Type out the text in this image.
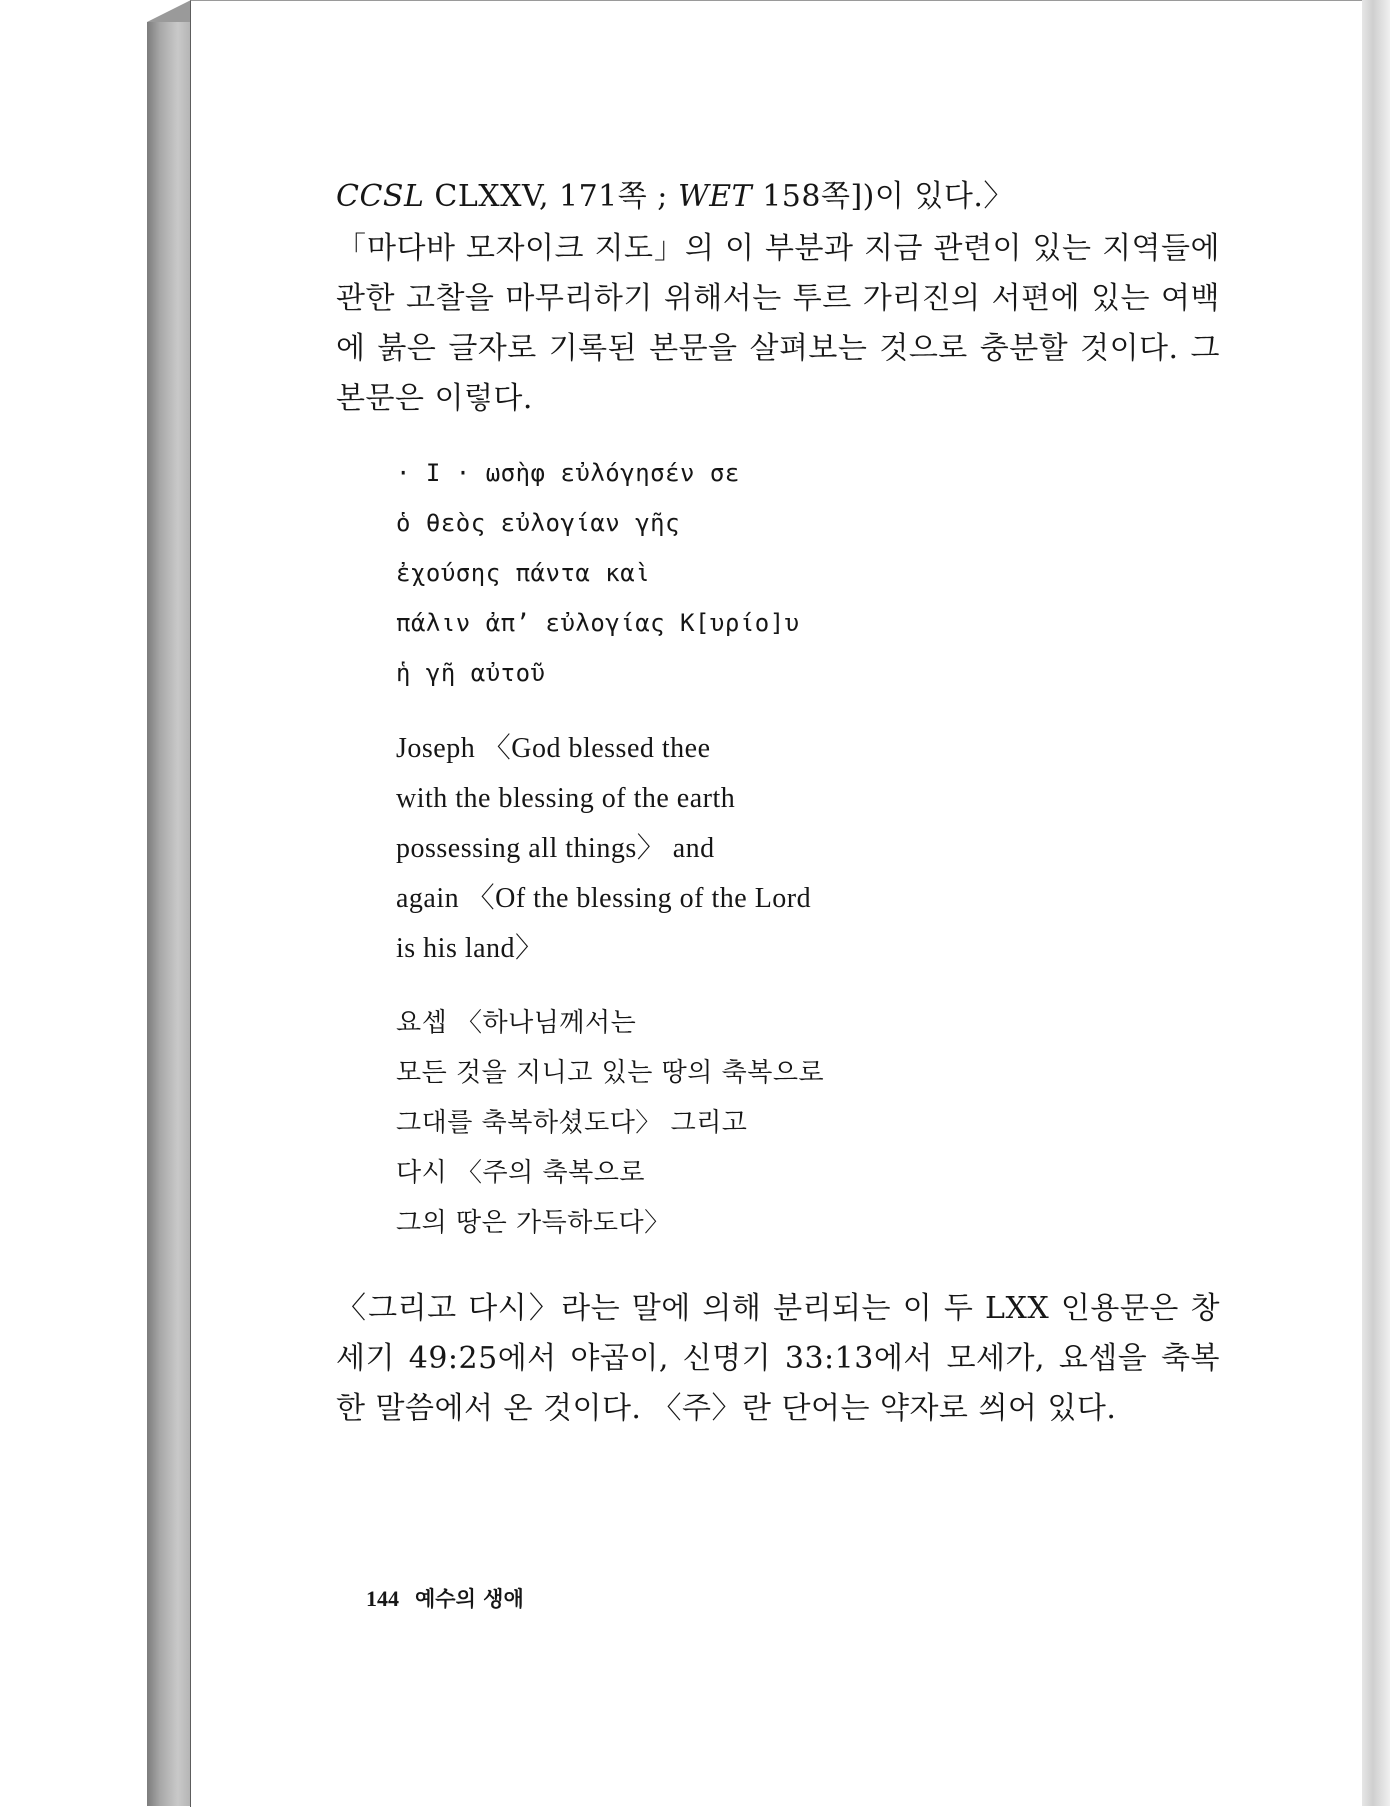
CCSL CLXXV, 171쪽 ; WET 158쪽])이 있다.〉

「마다바 모자이크 지도」의 이 부분과 지금 관련이 있는 지역들에 관한 고찰을 마무리하기 위해서는 투르 가리진의 서편에 있는 여백에 붉은 글자로 기록된 본문을 살펴보는 것으로 충분할 것이다. 그 본문은 이렇다.

· I · ωσὴφ εὐλόγησέν σε
ὁ θεὸς εὐλογίαν γῆς
ἐχούσης πάντα καὶ
πάλιν ἀπ’ εὐλογίας Κ[υρίο]υ
ἡ γῆ αὐτοῦ
Joseph 〈God blessed thee
with the blessing of the earth
possessing all things〉 and
again 〈Of the blessing of the Lord
is his land〉
요셉 〈하나님께서는
모든 것을 지니고 있는 땅의 축복으로
그대를 축복하셨도다〉 그리고
다시 〈주의 축복으로
그의 땅은 가득하도다〉

〈그리고 다시〉라는 말에 의해 분리되는 이 두 LXX 인용문은 창세기 49:25에서 야곱이, 신명기 33:13에서 모세가, 요셉을 축복한 말씀에서 온 것이다. 〈주〉란 단어는 약자로 씌어 있다.

144 예수의 생애
